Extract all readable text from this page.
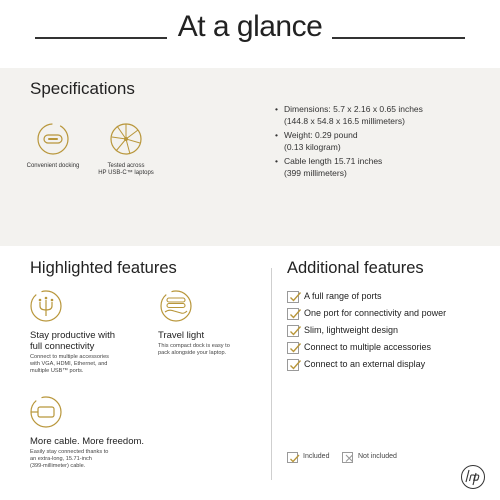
At a glance
Specifications
Convenient docking	Tested across
HP USB-C™ laptops
• Dimensions: 5.7 x 2.16 x 0.65 inches
(144.8 x 54.8 x 16.5 millimeters)
• Weight: 0.29 pound
(0.13 kilogram)
• Cable length 15.71 inches
(399 millimeters)
Highlighted features
Stay productive with
full connectivity
Connect to multiple accessories
with VGA, HDMI, Ethernet, and
multiple USB™ ports.
Travel light
This compact dock is easy to
pack alongside your laptop.
More cable. More freedom.
Easily stay connected thanks to
an extra-long, 15.71-inch
(399-millimeter) cable.
Additional features
A full range of ports
One port for connectivity and power
Slim, lightweight design
Connect to multiple accessories
Connect to an external display
Included	Not included
